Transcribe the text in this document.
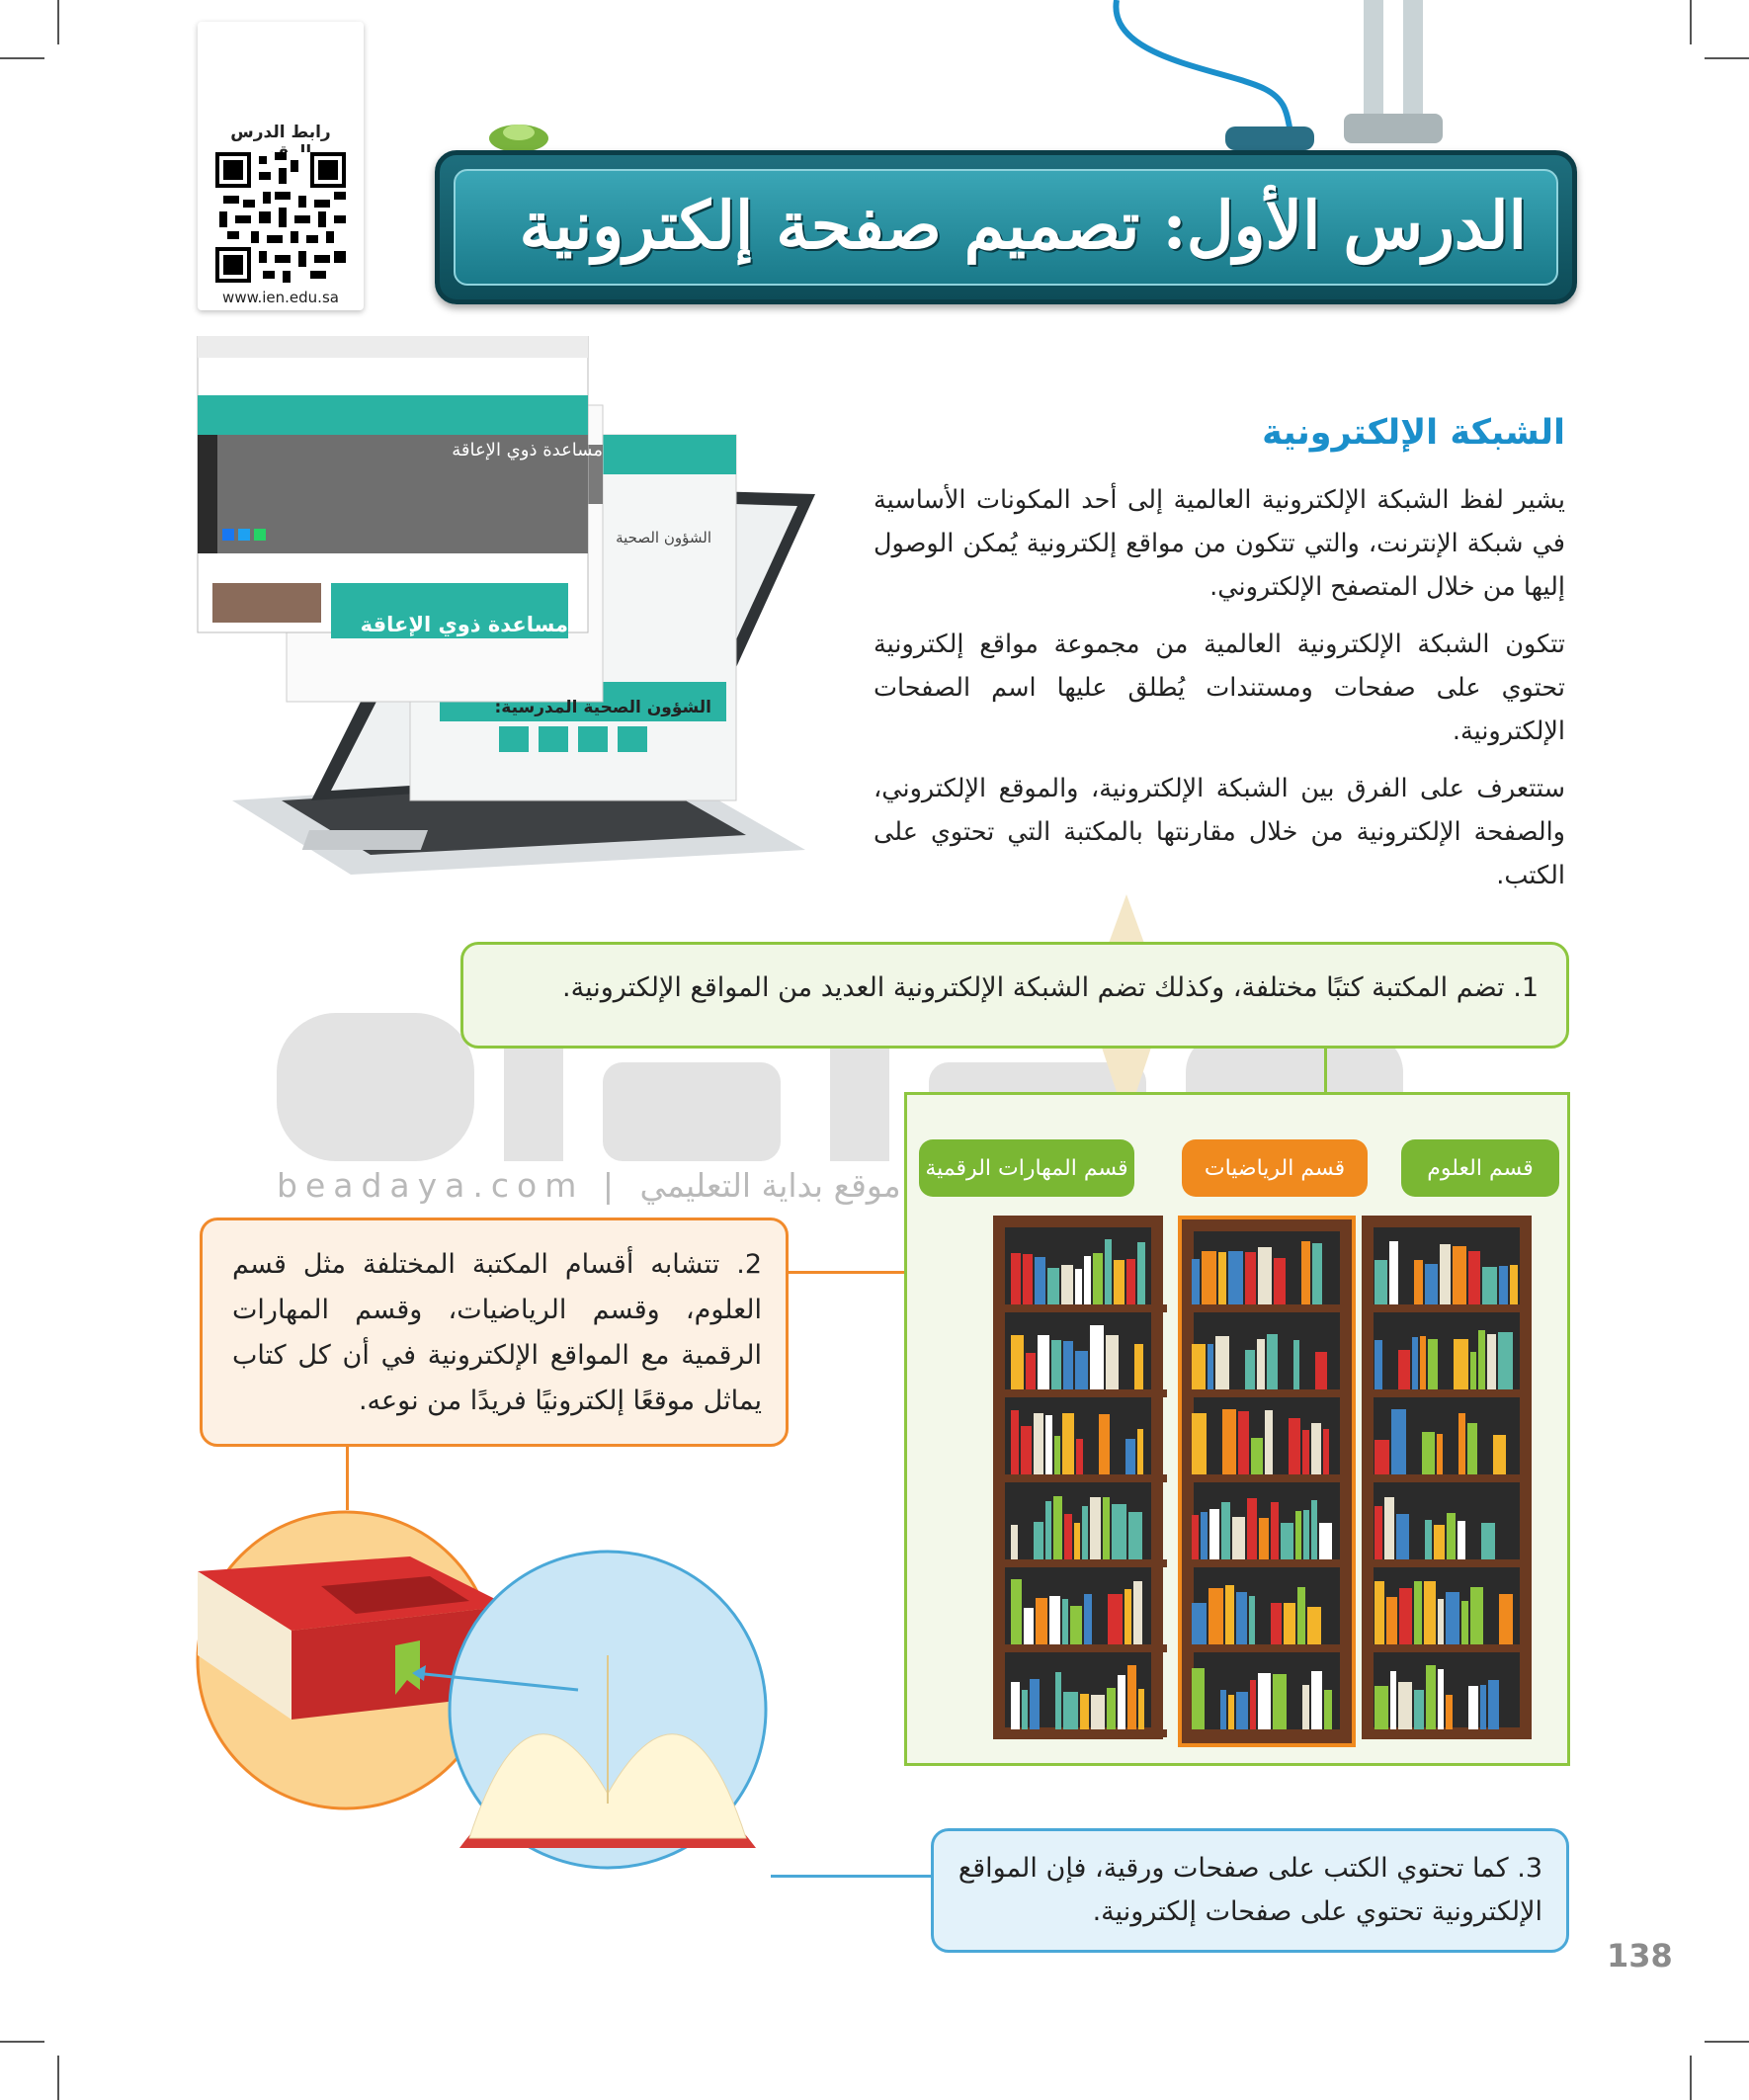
رابط الدرس
www.ien.edu.sa
الدرس الأول: تصميم صفحة إلكترونية
مساعدة ذوي الإعاقة
مساعدة ذوي الإعاقة
الشؤون الصحية
الشؤون الصحية المدرسية:
beadaya.com | موقع بداية التعليمي
الشبكة الإلكترونية
يشير لفظ الشبكة الإلكترونية العالمية إلى أحد المكونات الأساسية في شبكة الإنترنت، والتي تتكون من مواقع إلكترونية يُمكن الوصول إليها من خلال المتصفح الإلكتروني.
تتكون الشبكة الإلكترونية العالمية من مجموعة مواقع إلكترونية تحتوي على صفحات ومستندات يُطلق عليها اسم الصفحات الإلكترونية.
ستتعرف على الفرق بين الشبكة الإلكترونية، والموقع الإلكتروني، والصفحة الإلكترونية من خلال مقارنتها بالمكتبة التي تحتوي على الكتب.
قسم العلوم
قسم الرياضيات
قسم المهارات الرقمية
1. تضم المكتبة كتبًا مختلفة، وكذلك تضم الشبكة الإلكترونية العديد من المواقع الإلكترونية.
2. تتشابه أقسام المكتبة المختلفة مثل قسم العلوم، وقسم الرياضيات، وقسم المهارات الرقمية مع المواقع الإلكترونية في أن كل كتاب يماثل موقعًا إلكترونيًا فريدًا من نوعه.
3. كما تحتوي الكتب على صفحات ورقية، فإن المواقع الإلكترونية تحتوي على صفحات إلكترونية.
138
